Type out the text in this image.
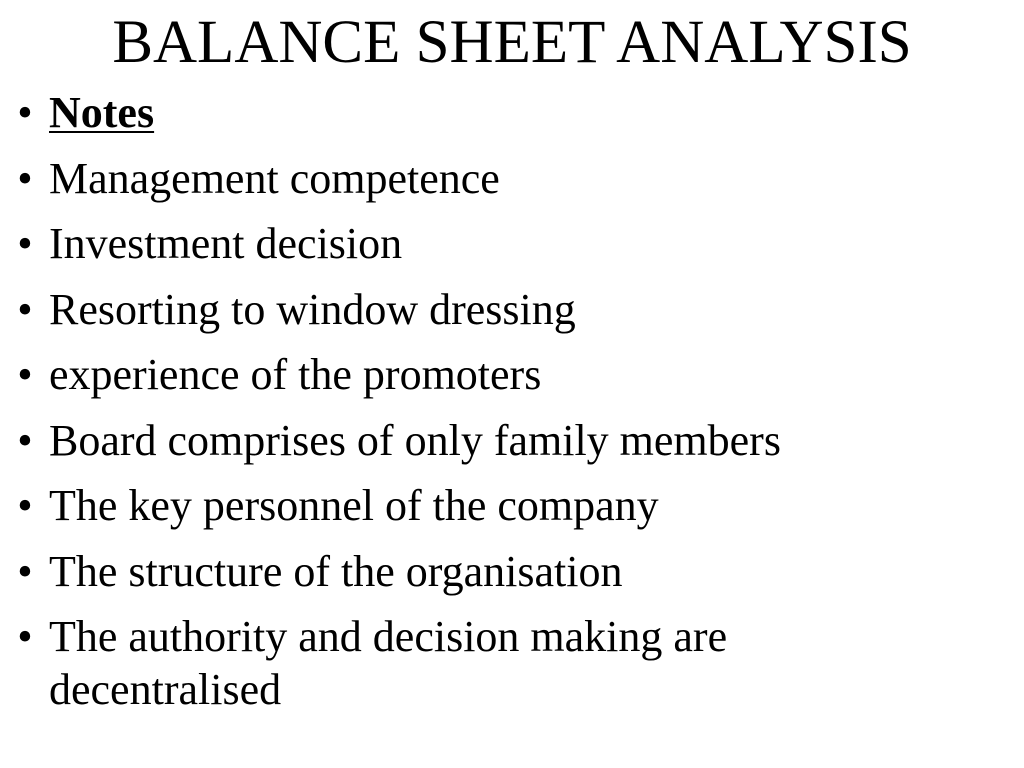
BALANCE SHEET ANALYSIS
• Notes
• Management competence
• Investment decision
• Resorting to window dressing
• experience of the promoters
• Board comprises of only family members
• The key personnel of the company
• The structure of the organisation
• The authority and decision making are decentralised
